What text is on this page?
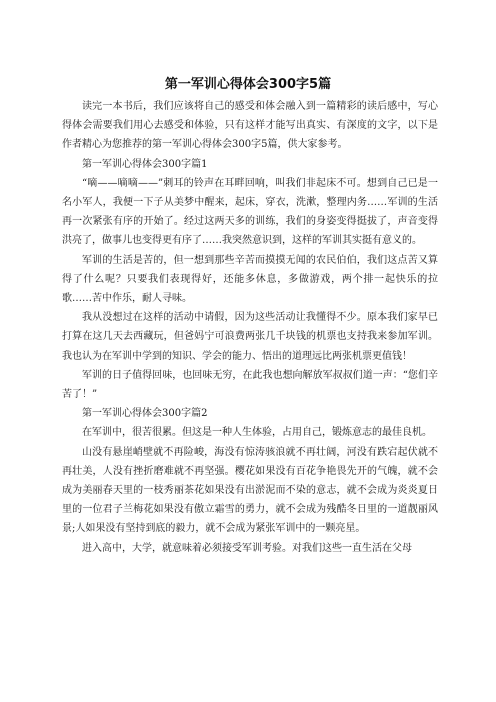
第一军训心得体会300字5篇

读完一本书后，我们应该将自己的感受和体会融入到一篇精彩的读后感中，写心得体会需要我们用心去感受和体验，只有这样才能写出真实、有深度的文字，以下是作者精心为您推荐的第一军训心得体会300字5篇，供大家参考。

第一军训心得体会300字篇1

“嘀——嘀嘀——”刺耳的铃声在耳畔回响，叫我们非起床不可。想到自己已是一名小军人，我便一下子从美梦中醒来，起床，穿衣，洗漱，整理内务……军训的生活再一次紧张有序的开始了。经过这两天多的训练，我们的身姿变得挺拔了，声音变得洪亮了，做事儿也变得更有序了……我突然意识到，这样的军训其实挺有意义的。

军训的生活是苦的，但一想到那些辛苦而摸摸无闻的农民伯伯，我们这点苦又算得了什么呢？只要我们表现得好，还能多休息，多做游戏，两个排一起快乐的拉歌……苦中作乐，耐人寻味。

我从没想过在这样的活动中请假，因为这些活动让我懂得不少。原本我们家早已打算在这几天去西藏玩，但爸妈宁可浪费两张几千块钱的机票也支持我来参加军训。我也认为在军训中学到的知识、学会的能力、悟出的道理远比两张机票更值钱！

军训的日子值得回味，也回味无穷，在此我也想向解放军叔叔们道一声：“您们辛苦了！”

第一军训心得体会300字篇2

在军训中，很苦很累。但这是一种人生体验，占用自己，锻炼意志的最佳良机。

山没有悬崖峭壁就不再险峻，海没有惊涛骇浪就不再壮阔，河没有跌宕起伏就不再壮美，人没有挫折磨难就不再坚强。樱花如果没有百花争艳畏先开的气魄，就不会成为美丽春天里的一枝秀丽茶花如果没有出淤泥而不染的意志，就不会成为炎炎夏日里的一位君子兰梅花如果没有傲立霜雪的勇力，就不会成为残酷冬日里的一道靓丽风景;人如果没有坚持到底的毅力，就不会成为紧张军训中的一颗亮星。

进入高中，大学，就意味着必须接受军训考验。对我们这些一直生活在父母
